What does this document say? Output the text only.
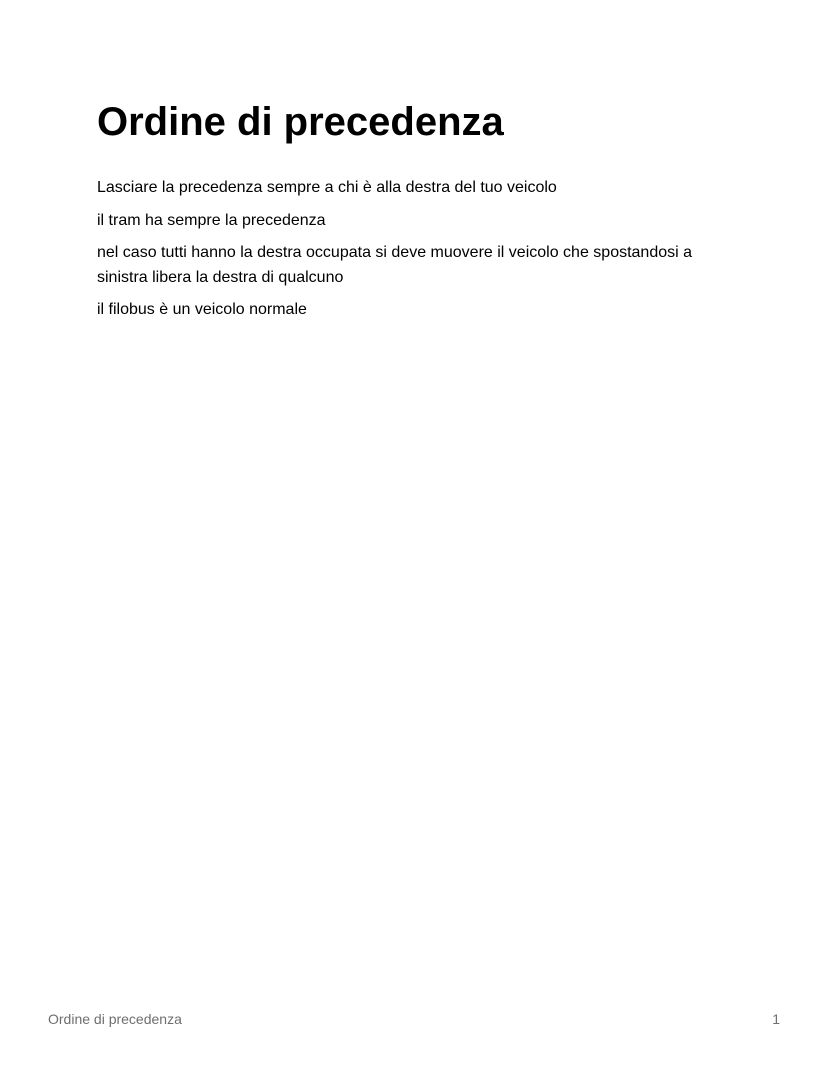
Ordine di precedenza

Lasciare la precedenza sempre a chi è alla destra del tuo veicolo

il tram ha sempre la precedenza

nel caso tutti hanno la destra occupata si deve muovere il veicolo che spostandosi a sinistra libera la destra di qualcuno

il filobus è un veicolo normale

Ordine di precedenza	1
